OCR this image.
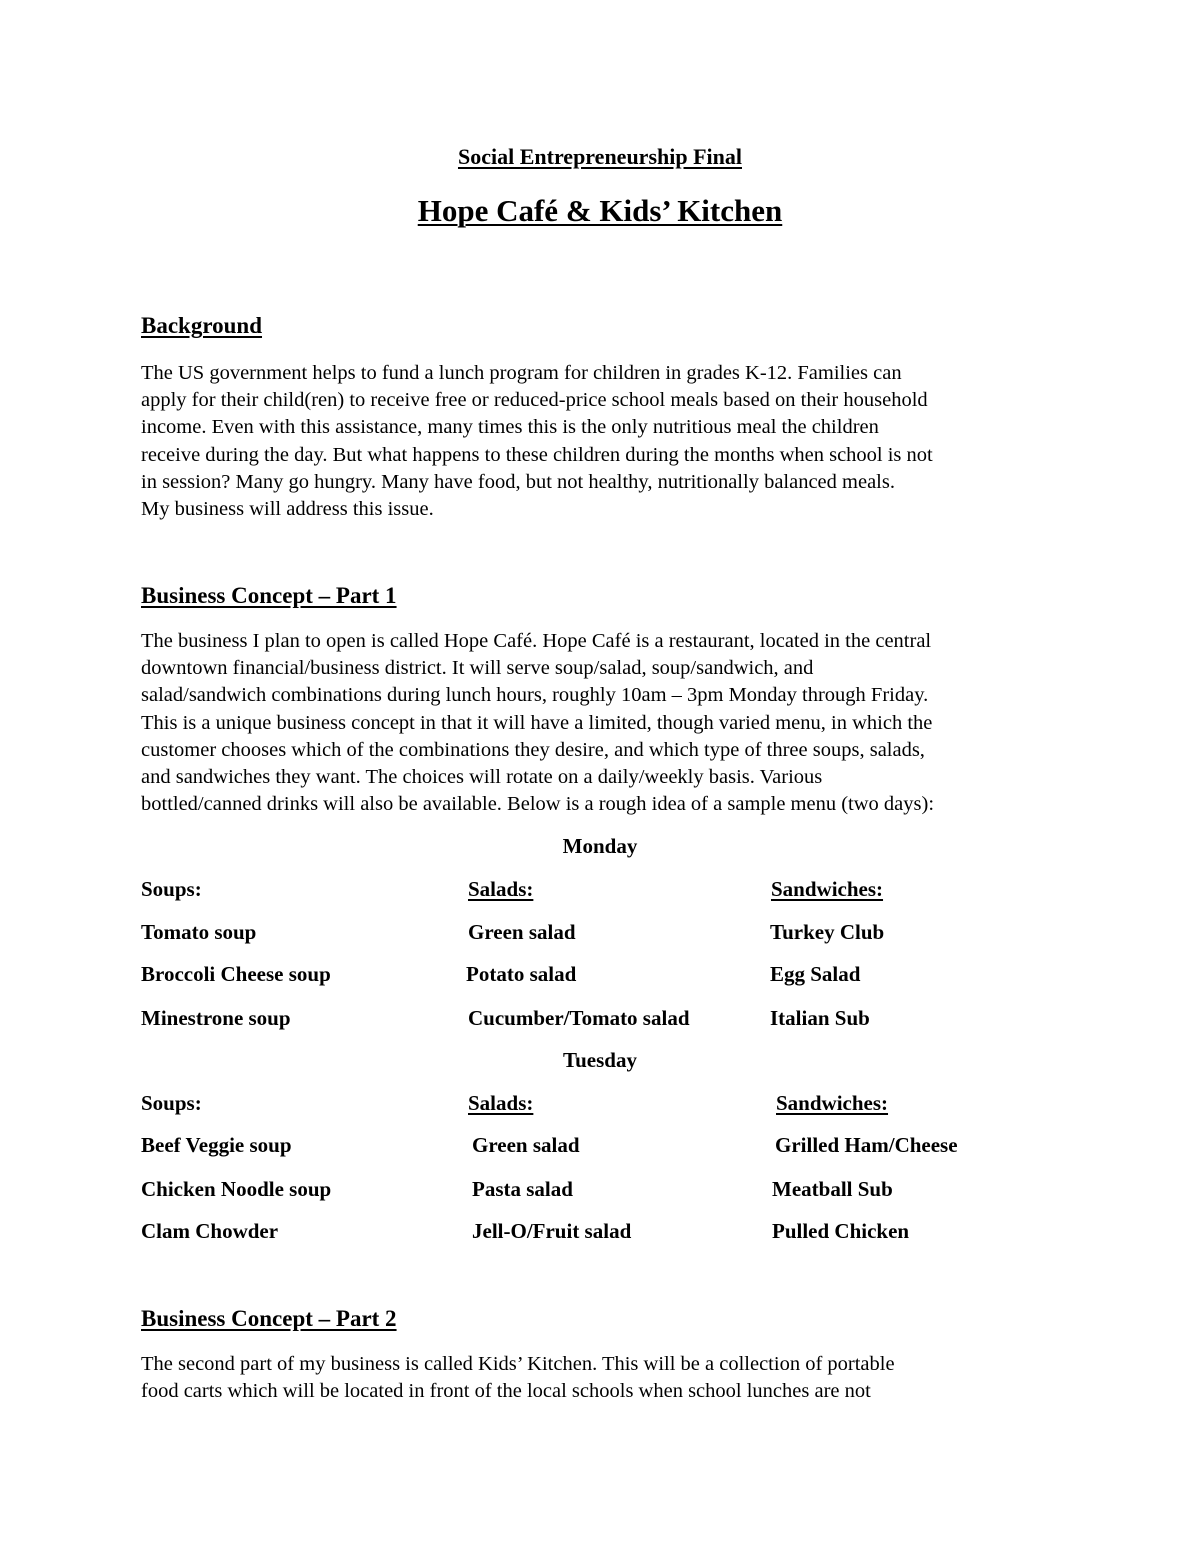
Social Entrepreneurship Final
Hope Café & Kids’ Kitchen
Background
The US government helps to fund a lunch program for children in grades K-12. Families can
apply for their child(ren) to receive free or reduced-price school meals based on their household
income. Even with this assistance, many times this is the only nutritious meal the children
receive during the day. But what happens to these children during the months when school is not
in session? Many go hungry. Many have food, but not healthy, nutritionally balanced meals.
My business will address this issue.
Business Concept – Part 1
The business I plan to open is called Hope Café. Hope Café is a restaurant, located in the central
downtown financial/business district. It will serve soup/salad, soup/sandwich, and
salad/sandwich combinations during lunch hours, roughly 10am – 3pm Monday through Friday.
This is a unique business concept in that it will have a limited, though varied menu, in which the
customer chooses which of the combinations they desire, and which type of three soups, salads,
and sandwiches they want. The choices will rotate on a daily/weekly basis. Various
bottled/canned drinks will also be available. Below is a rough idea of a sample menu (two days):
Monday
Soups:	Salads:	Sandwiches:
Tomato soup	Green salad	Turkey Club
Broccoli Cheese soup	Potato salad	Egg Salad
Minestrone soup	Cucumber/Tomato salad	Italian Sub
Tuesday
Soups:	Salads:	Sandwiches:
Beef Veggie soup	Green salad	Grilled Ham/Cheese
Chicken Noodle soup	Pasta salad	Meatball Sub
Clam Chowder	Jell-O/Fruit salad	Pulled Chicken
Business Concept – Part 2
The second part of my business is called Kids’ Kitchen. This will be a collection of portable
food carts which will be located in front of the local schools when school lunches are not
